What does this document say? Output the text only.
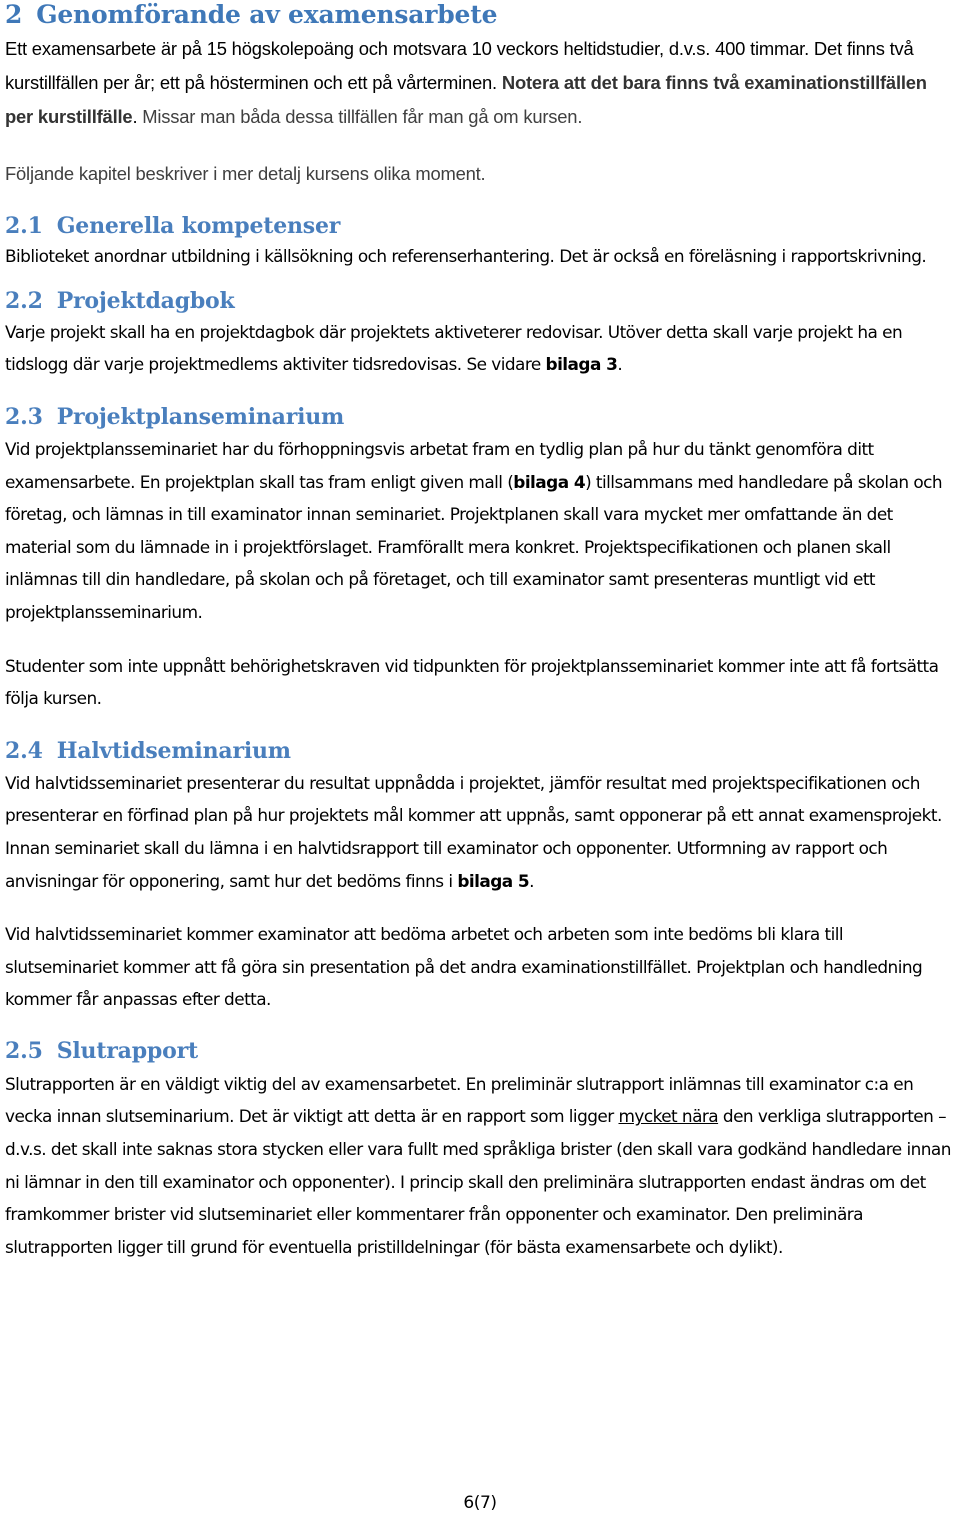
2 Genomförande av examensarbete

Ett examensarbete är på 15 högskolepoäng och motsvara 10 veckors heltidstudier, d.v.s. 400 timmar. Det finns två kurstillfällen per år; ett på hösterminen och ett på vårterminen. Notera att det bara finns två examinationstillfällen per kurstillfälle. Missar man båda dessa tillfällen får man gå om kursen.

Följande kapitel beskriver i mer detalj kursens olika moment.

2.1 Generella kompetenser

Biblioteket anordnar utbildning i källsökning och referenserhantering. Det är också en föreläsning i rapportskrivning.

2.2 Projektdagbok

Varje projekt skall ha en projektdagbok där projektets aktiveterer redovisar. Utöver detta skall varje projekt ha en tidslogg där varje projektmedlems aktiviter tidsredovisas. Se vidare bilaga 3.

2.3 Projektplanseminarium

Vid projektplansseminariet har du förhoppningsvis arbetat fram en tydlig plan på hur du tänkt genomföra ditt examensarbete. En projektplan skall tas fram enligt given mall (bilaga 4) tillsammans med handledare på skolan och företag, och lämnas in till examinator innan seminariet. Projektplanen skall vara mycket mer omfattande än det material som du lämnade in i projektförslaget. Framförallt mera konkret. Projektspecifikationen och planen skall inlämnas till din handledare, på skolan och på företaget, och till examinator samt presenteras muntligt vid ett projektplansseminarium.

Studenter som inte uppnått behörighetskraven vid tidpunkten för projektplansseminariet kommer inte att få fortsätta följa kursen.

2.4 Halvtidseminarium

Vid halvtidsseminariet presenterar du resultat uppnådda i projektet, jämför resultat med projektspecifikationen och presenterar en förfinad plan på hur projektets mål kommer att uppnås, samt opponerar på ett annat examensprojekt. Innan seminariet skall du lämna i en halvtidsrapport till examinator och opponenter. Utformning av rapport och anvisningar för opponering, samt hur det bedöms finns i bilaga 5.

Vid halvtidsseminariet kommer examinator att bedöma arbetet och arbeten som inte bedöms bli klara till slutseminariet kommer att få göra sin presentation på det andra examinationstillfället. Projektplan och handledning kommer får anpassas efter detta.

2.5 Slutrapport

Slutrapporten är en väldigt viktig del av examensarbetet. En preliminär slutrapport inlämnas till examinator c:a en vecka innan slutseminarium. Det är viktigt att detta är en rapport som ligger mycket nära den verkliga slutrapporten – d.v.s. det skall inte saknas stora stycken eller vara fullt med språkliga brister (den skall vara godkänd handledare innan ni lämnar in den till examinator och opponenter). I princip skall den preliminära slutrapporten endast ändras om det framkommer brister vid slutseminariet eller kommentarer från opponenter och examinator. Den preliminära slutrapporten ligger till grund för eventuella pristilldelningar (för bästa examensarbete och dylikt).

6(7)
